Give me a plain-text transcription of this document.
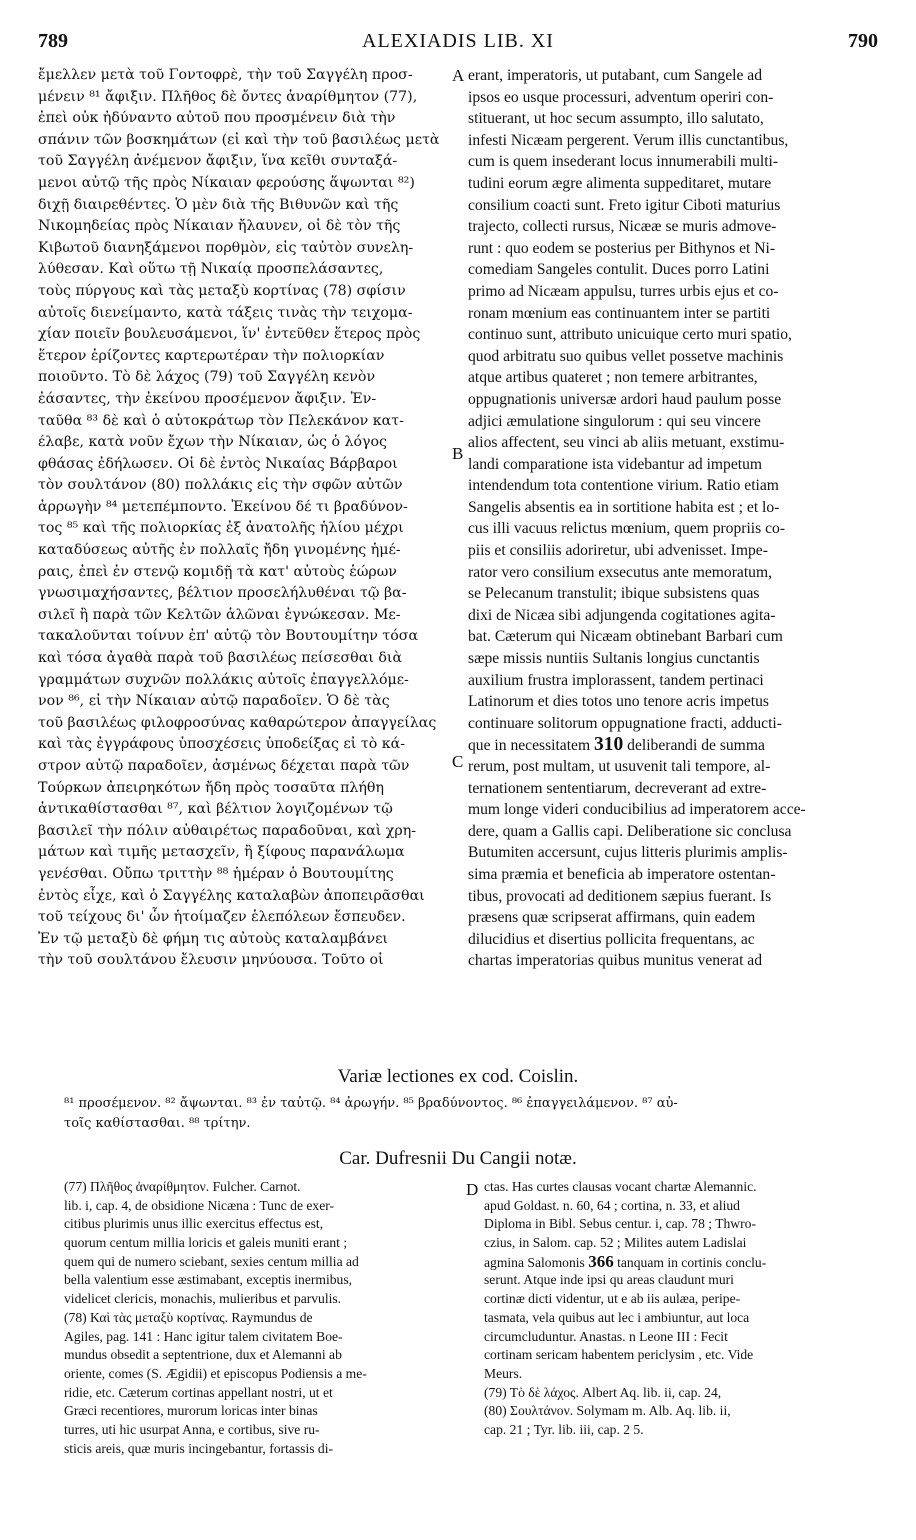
789	ALEXIADIS LIB. XI	790
ἔμελλεν μετὰ τοῦ Γοντοφρὲ, τὴν τοῦ Σαγγέλη προσ-
μένειν ⁸¹ ἄφιξιν. Πλῆθος δὲ ὄντες ἀναρίθμητον (77),
ἐπεὶ οὐκ ἠδύναντο αὐτοῦ που προσμένειν διὰ τὴν
σπάνιν τῶν βοσκημάτων (εἰ καὶ τὴν τοῦ βασιλέως μετὰ
τοῦ Σαγγέλη ἀνέμενον ἄφιξιν, ἵνα κεῖθι συνταξά-
μενοι αὐτῷ τῆς πρὸς Νίκαιαν φερούσης ἅψωνται ⁸²)
διχῇ διαιρεθέντες. Ὁ μὲν διὰ τῆς Βιθυνῶν καὶ τῆς
Νικομηδείας πρὸς Νίκαιαν ἤλαυνεν, οἱ δὲ τὸν τῆς
Κιβωτοῦ διανηξάμενοι πορθμὸν, εἰς ταὐτὸν συνελη-
λύθεσαν. Καὶ οὕτω τῇ Νικαίᾳ προσπελάσαντες,
τοὺς πύργους καὶ τὰς μεταξὺ κορτίνας (78) σφίσιν
αὐτοῖς διενείμαντο, κατὰ τάξεις τινὰς τὴν τειχομα-
χίαν ποιεῖν βουλευσάμενοι, ἵν' ἐντεῦθεν ἕτερος πρὸς
ἕτερον ἐρίζοντες καρτερωτέραν τὴν πολιορκίαν
ποιοῦντο. Τὸ δὲ λάχος (79) τοῦ Σαγγέλη κενὸν
ἐάσαντες, τὴν ἐκείνου προσέμενον ἄφιξιν. Ἐν-
ταῦθα ⁸³ δὲ καὶ ὁ αὐτοκράτωρ τὸν Πελεκάνον κατ-
έλαβε, κατὰ νοῦν ἔχων τὴν Νίκαιαν, ὡς ὁ λόγος
φθάσας ἐδήλωσεν. Οἱ δὲ ἐντὸς Νικαίας Βάρβαροι
τὸν σουλτάνον (80) πολλάκις εἰς τὴν σφῶν αὐτῶν
ἀρρωγὴν ⁸⁴ μετεπέμποντο. Ἐκείνου δέ τι βραδύνον-
τος ⁸⁵ καὶ τῆς πολιορκίας ἐξ ἀνατολῆς ἡλίου μέχρι
καταδύσεως αὐτῆς ἐν πολλαῖς ἤδη γινομένης ἡμέ-
ραις, ἐπεὶ ἐν στενῷ κομιδῇ τὰ κατ' αὐτοὺς ἑώρων
γνωσιμαχήσαντες, βέλτιον προσελήλυθέναι τῷ βα-
σιλεῖ ἢ παρὰ τῶν Κελτῶν ἁλῶναι ἐγνώκεσαν. Με-
τακαλοῦνται τοίνυν ἐπ' αὐτῷ τὸν Βουτουμίτην τόσα
καὶ τόσα ἀγαθὰ παρὰ τοῦ βασιλέως πείσεσθαι διὰ
γραμμάτων συχνῶν πολλάκις αὐτοῖς ἐπαγγελλόμε-
νον ⁸⁶, εἰ τὴν Νίκαιαν αὐτῷ παραδοῖεν. Ὁ δὲ τὰς
τοῦ βασιλέως φιλοφροσύνας καθαρώτερον ἀπαγγείλας
καὶ τὰς ἐγγράφους ὑποσχέσεις ὑποδείξας εἰ τὸ κά-
στρον αὐτῷ παραδοῖεν, ἀσμένως δέχεται παρὰ τῶν
Τούρκων ἀπειρηκότων ἤδη πρὸς τοσαῦτα πλήθη
ἀντικαθίστασθαι ⁸⁷, καὶ βέλτιον λογιζομένων τῷ
βασιλεῖ τὴν πόλιν αὐθαιρέτως παραδοῦναι, καὶ χρη-
μάτων καὶ τιμῆς μετασχεῖν, ἢ ξίφους παρανάλωμα
γενέσθαι. Οὔπω τριττὴν ⁸⁸ ἡμέραν ὁ Βουτουμίτης
ἐντὸς εἶχε, καὶ ὁ Σαγγέλης καταλαβὼν ἀποπειρᾶσθαι
τοῦ τείχους δι' ὧν ἡτοίμαζεν ἑλεπόλεων ἔσπευδεν.
Ἐν τῷ μεταξὺ δὲ φήμη τις αὐτοὺς καταλαμβάνει
τὴν τοῦ σουλτάνου ἔλευσιν μηνύουσα. Τοῦτο οἱ
erant, imperatoris, ut putabant, cum Sangele ad
ipsos eo usque processuri, adventum operiri con-
stituerant, ut hoc secum assumpto, illo salutato,
infesti Nicæam pergerent. Verum illis cunctantibus,
cum is quem insederant locus innumerabili multi-
tudini eorum ægre alimenta suppeditaret, mutare
consilium coacti sunt. Freto igitur Ciboti maturius
trajecto, collecti rursus, Nicææ se muris admove-
runt : quo eodem se posterius per Bithynos et Ni-
comediam Sangeles contulit. Duces porro Latini
primo ad Nicæam appulsu, turres urbis ejus et co-
ronam mœnium eas continuantem inter se partiti
continuo sunt, attributo unicuique certo muri spatio,
quod arbitratu suo quibus vellet possetve machinis
atque artibus quateret ; non temere arbitrantes,
oppugnationis universæ ardori haud paulum posse
adjici æmulatione singulorum : qui seu vincere
alios affectent, seu vinci ab aliis metuant, exstimu-
landi comparatione ista videbantur ad impetum
intendendum tota contentione virium. Ratio etiam
Sangelis absentis ea in sortitione habita est ; et lo-
cus illi vacuus relictus mœnium, quem propriis co-
piis et consiliis adoriretur, ubi advenisset. Impe-
rator vero consilium exsecutus ante memoratum,
se Pelecanum transtulit; ibique subsistens quas
dixi de Nicæa sibi adjungenda cogitationes agita-
bat. Cæterum qui Nicæam obtinebant Barbari cum
sæpe missis nuntiis Sultanis longius cunctantis
auxilium frustra implorassent, tandem pertinaci
Latinorum et dies totos uno tenore acris impetus
continuare solitorum oppugnatione fracti, adducti-
que in necessitatem 310 deliberandi de summa
rerum, post multam, ut usuvenit tali tempore, al-
ternationem sententiarum, decreverant ad extre-
mum longe videri conducibilius ad imperatorem acce-
dere, quam a Gallis capi. Deliberatione sic conclusa
Butumiten accersunt, cujus litteris plurimis amplis-
sima præmia et beneficia ab imperatore ostentan-
tibus, provocati ad deditionem sæpius fuerant. Is
præsens quæ scripserat affirmans, quin eadem
dilucidius et disertius pollicita frequentans, ac
chartas imperatorias quibus munitus venerat ad
A
B
C
D
Variæ lectiones ex cod. Coislin.
⁸¹ προσέμενον. ⁸² ἄψωνται. ⁸³ ἐν ταὐτῷ. ⁸⁴ ἀρωγήν. ⁸⁵ βραδύνοντος. ⁸⁶ ἐπαγγειλάμενον. ⁸⁷ αὐ-
τοῖς καθίστασθαι. ⁸⁸ τρίτην.
Car. Dufresnii Du Cangii notæ.
(77) Πλῆθος ἀναρίθμητον. Fulcher. Carnot.
lib. i, cap. 4, de obsidione Nicæna : Tunc de exer-
citibus plurimis unus illic exercitus effectus est,
quorum centum millia loricis et galeis muniti erant ;
quem qui de numero sciebant, sexies centum millia ad
bella valentium esse æstimabant, exceptis inermibus,
videlicet clericis, monachis, mulieribus et parvulis.
(78) Καὶ τὰς μεταξὺ κορτίνας. Raymundus de
Agiles, pag. 141 : Hanc igitur talem civitatem Boe-
mundus obsedit a septentrione, dux et Alemanni ab
oriente, comes (S. Ægidii) et episcopus Podiensis a me-
ridie, etc. Cæterum cortinas appellant nostri, ut et
Græci recentiores, murorum loricas inter binas
turres, uti hic usurpat Anna, e cortibus, sive ru-
sticis areis, quæ muris incingebantur, fortassis di-
ctas. Has curtes clausas vocant chartæ Alemannic.
apud Goldast. n. 60, 64 ; cortina, n. 33, et aliud
Diploma in Bibl. Sebus centur. i, cap. 78 ; Thwro-
czius, in Salom. cap. 52 ; Milites autem Ladislai
agmina Salomonis 366 tanquam in cortinis conclu-
serunt. Atque inde ipsi qu areas claudunt muri
cortinæ dicti videntur, ut e ab iis aulæa, peripe-
tasmata, vela quibus aut lec i ambiuntur, aut loca
circumcluduntur. Anastas. n Leone III : Fecit
cortinam sericam habentem periclysim , etc. Vide
Meurs.
(79) Τὸ δὲ λάχος. Albert Aq. lib. ii, cap. 24,
(80) Σουλτάνον. Solymam m. Alb. Aq. lib. ii,
cap. 21 ; Tyr. lib. iii, cap. 2 5.
